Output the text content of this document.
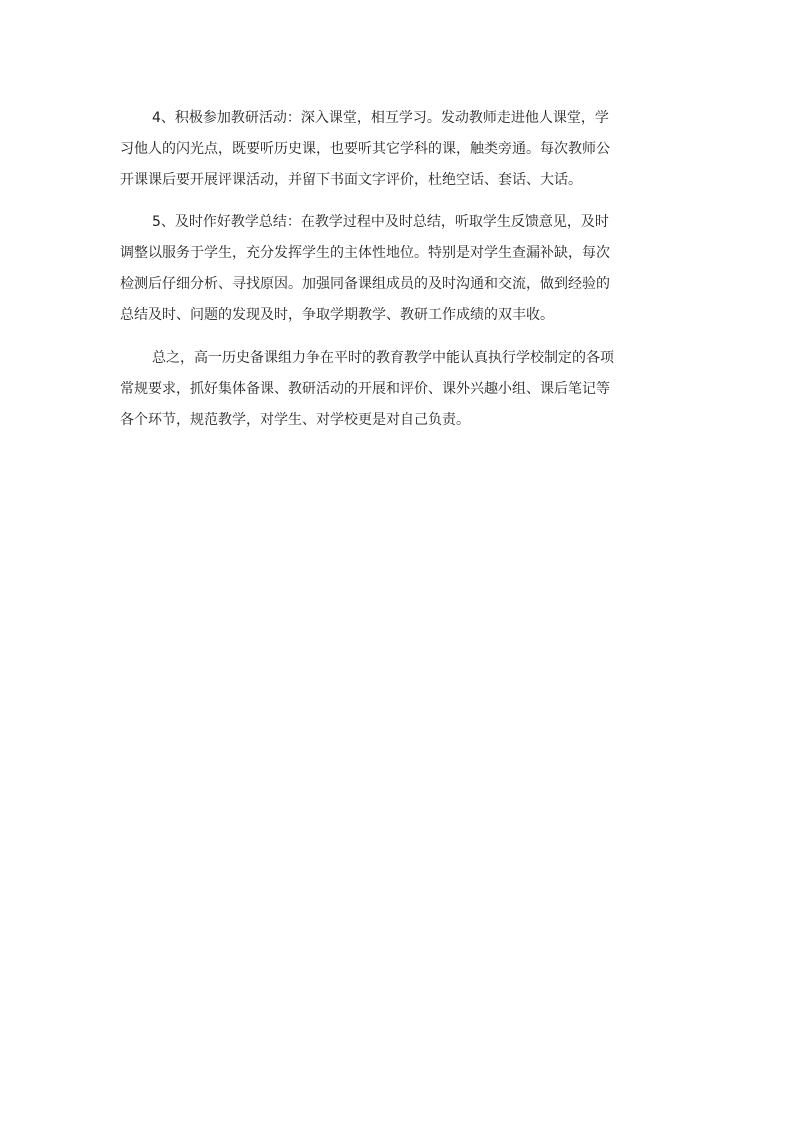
4、积极参加教研活动：深入课堂，相互学习。发动教师走进他人课堂，学
习他人的闪光点，既要听历史课，也要听其它学科的课，触类旁通。每次教师公
开课课后要开展评课活动，并留下书面文字评价，杜绝空话、套话、大话。
5、及时作好教学总结：在教学过程中及时总结，听取学生反馈意见，及时
调整以服务于学生，充分发挥学生的主体性地位。特别是对学生查漏补缺，每次
检测后仔细分析、寻找原因。加强同备课组成员的及时沟通和交流，做到经验的
总结及时、问题的发现及时，争取学期教学、教研工作成绩的双丰收。
总之，高一历史备课组力争在平时的教育教学中能认真执行学校制定的各项
常规要求，抓好集体备课、教研活动的开展和评价、课外兴趣小组、课后笔记等
各个环节，规范教学，对学生、对学校更是对自己负责。
